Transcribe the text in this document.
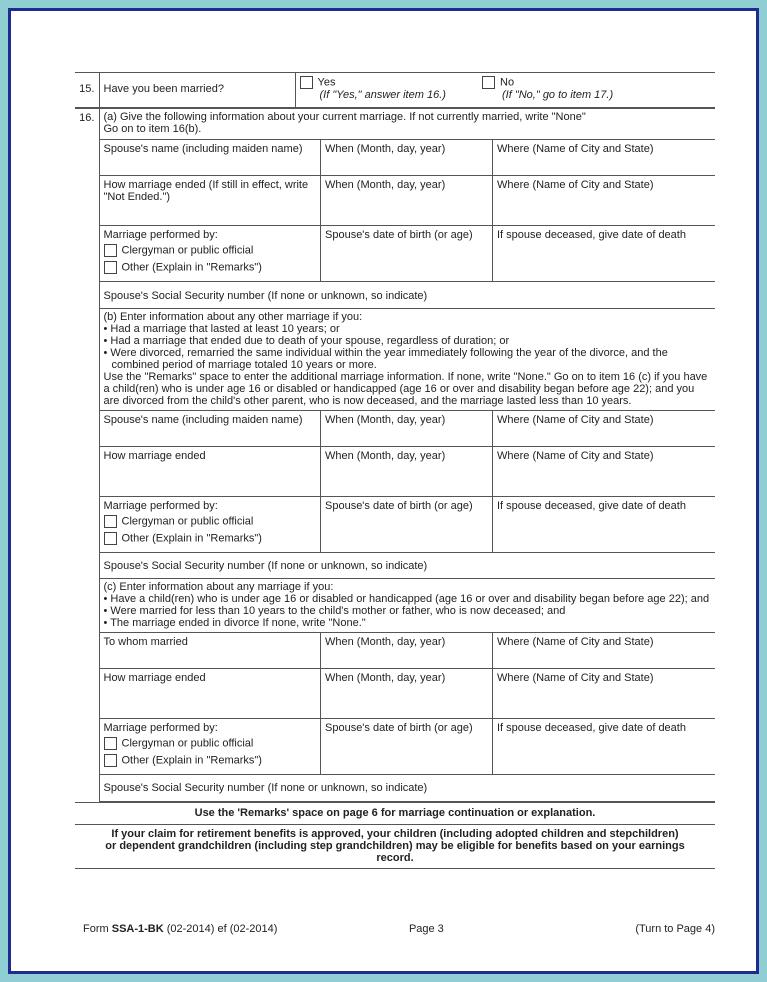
15.	Have you been married?	Yes
(If "Yes," answer item 16.)
	No
(If "No," go to item 17.)
16.	(a) Give the following information about your current marriage. If not currently married, write "None"
Go on to item 16(b).
Spouse's name (including maiden name)	When (Month, day, year)	Where (Name of City and State)
How marriage ended (If still in effect, write "Not Ended.")	When (Month, day, year)	Where (Name of City and State)

Marriage performed by:
Clergyman or public official
Other (Explain in "Remarks")
	Spouse's date of birth (or age)	If spouse deceased, give date of death
Spouse's Social Security number (If none or unknown, so indicate)
(b) Enter information about any other marriage if you:
• Had a marriage that lasted at least 10 years; or
• Had a marriage that ended due to death of your spouse, regardless of duration; or
• Were divorced, remarried the same individual within the year immediately following the year of the divorce, and the combined period of marriage totaled 10 years or more.
Use the "Remarks" space to enter the additional marriage information. If none, write "None." Go on to item 16 (c) if you have a child(ren) who is under age 16 or disabled or handicapped (age 16 or over and disability began before age 22); and you are divorced from the child's other parent, who is now deceased, and the marriage lasted less than 10 years.
Spouse's name (including maiden name)	When (Month, day, year)	Where (Name of City and State)
How marriage ended	When (Month, day, year)	Where (Name of City and State)

Marriage performed by:
Clergyman or public official
Other (Explain in "Remarks")
	Spouse's date of birth (or age)	If spouse deceased, give date of death
Spouse's Social Security number (If none or unknown, so indicate)
(c) Enter information about any marriage if you:
• Have a child(ren) who is under age 16 or disabled or handicapped (age 16 or over and disability began before age 22); and
• Were married for less than 10 years to the child's mother or father, who is now deceased; and
• The marriage ended in divorce If none, write "None."
To whom married	When (Month, day, year)	Where (Name of City and State)
How marriage ended	When (Month, day, year)	Where (Name of City and State)

Marriage performed by:
Clergyman or public official
Other (Explain in "Remarks")
	Spouse's date of birth (or age)	If spouse deceased, give date of death
Spouse's Social Security number (If none or unknown, so indicate)
Use the 'Remarks' space on page 6 for marriage continuation or explanation.
If your claim for retirement benefits is approved, your children (including adopted children and stepchildren) or dependent grandchildren (including step grandchildren) may be eligible for benefits based on your earnings record.
Form SSA-1-BK (02-2014) ef (02-2014)	Page 3	(Turn to Page 4)
